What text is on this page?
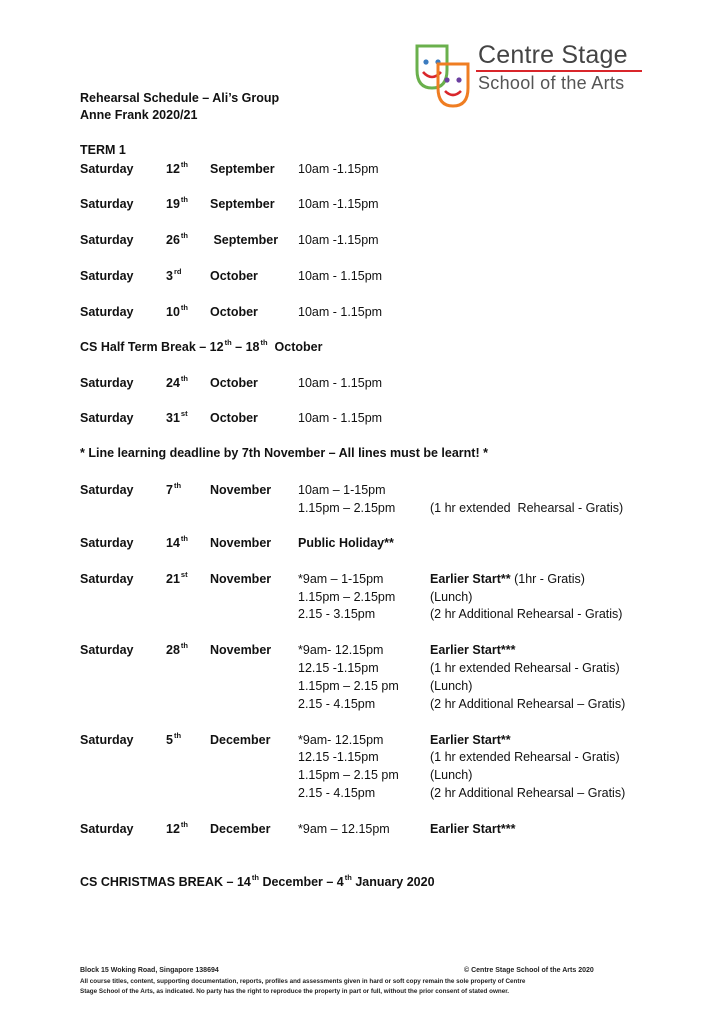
Centre Stage
School of the Arts
Rehearsal Schedule – Ali’s Group
Anne Frank 2020/21
TERM 1
Saturday	12th September 10am -1.15pm
Saturday	19th September 10am -1.15pm
Saturday	26th September 10am -1.15pm
Saturday	3rd October	10am - 1.15pm
Saturday	10th October	10am - 1.15pm
CS Half Term Break – 12th – 18th  October
Saturday	24th October	10am - 1.15pm
Saturday	31st October	10am - 1.15pm
* Line learning deadline by 7th November – All lines must be learnt! *
Saturday	7th November 10am – 1-15pm
1.15pm – 2.15pm	(1 hr extended  Rehearsal - Gratis)
Saturday	14th November Public Holiday**
Saturday	21st November *9am – 1-15pm	Earlier Start** (1hr - Gratis)
1.15pm – 2.15pm	(Lunch)
2.15 - 3.15pm	(2 hr Additional Rehearsal - Gratis)
Saturday	28th November *9am- 12.15pm	Earlier Start***
12.15 -1.15pm	(1 hr extended Rehearsal - Gratis)
1.15pm – 2.15 pm (Lunch)
2.15 - 4.15pm	(2 hr Additional Rehearsal – Gratis)
Saturday	5th December *9am- 12.15pm	Earlier Start**
12.15 -1.15pm	(1 hr extended Rehearsal - Gratis)
1.15pm – 2.15 pm (Lunch)
2.15 - 4.15pm	(2 hr Additional Rehearsal – Gratis)
Saturday	12th December *9am – 12.15pm	Earlier Start***
CS CHRISTMAS BREAK – 14th December – 4th January 2020
Block 15 Woking Road, Singapore 138694	© Centre Stage School of the Arts 2020
All course titles, content, supporting documentation, reports, profiles and assessments given in hard or soft copy remain the sole property of Centre
Stage School of the Arts, as indicated. No party has the right to reproduce the property in part or full, without the prior consent of stated owner.
